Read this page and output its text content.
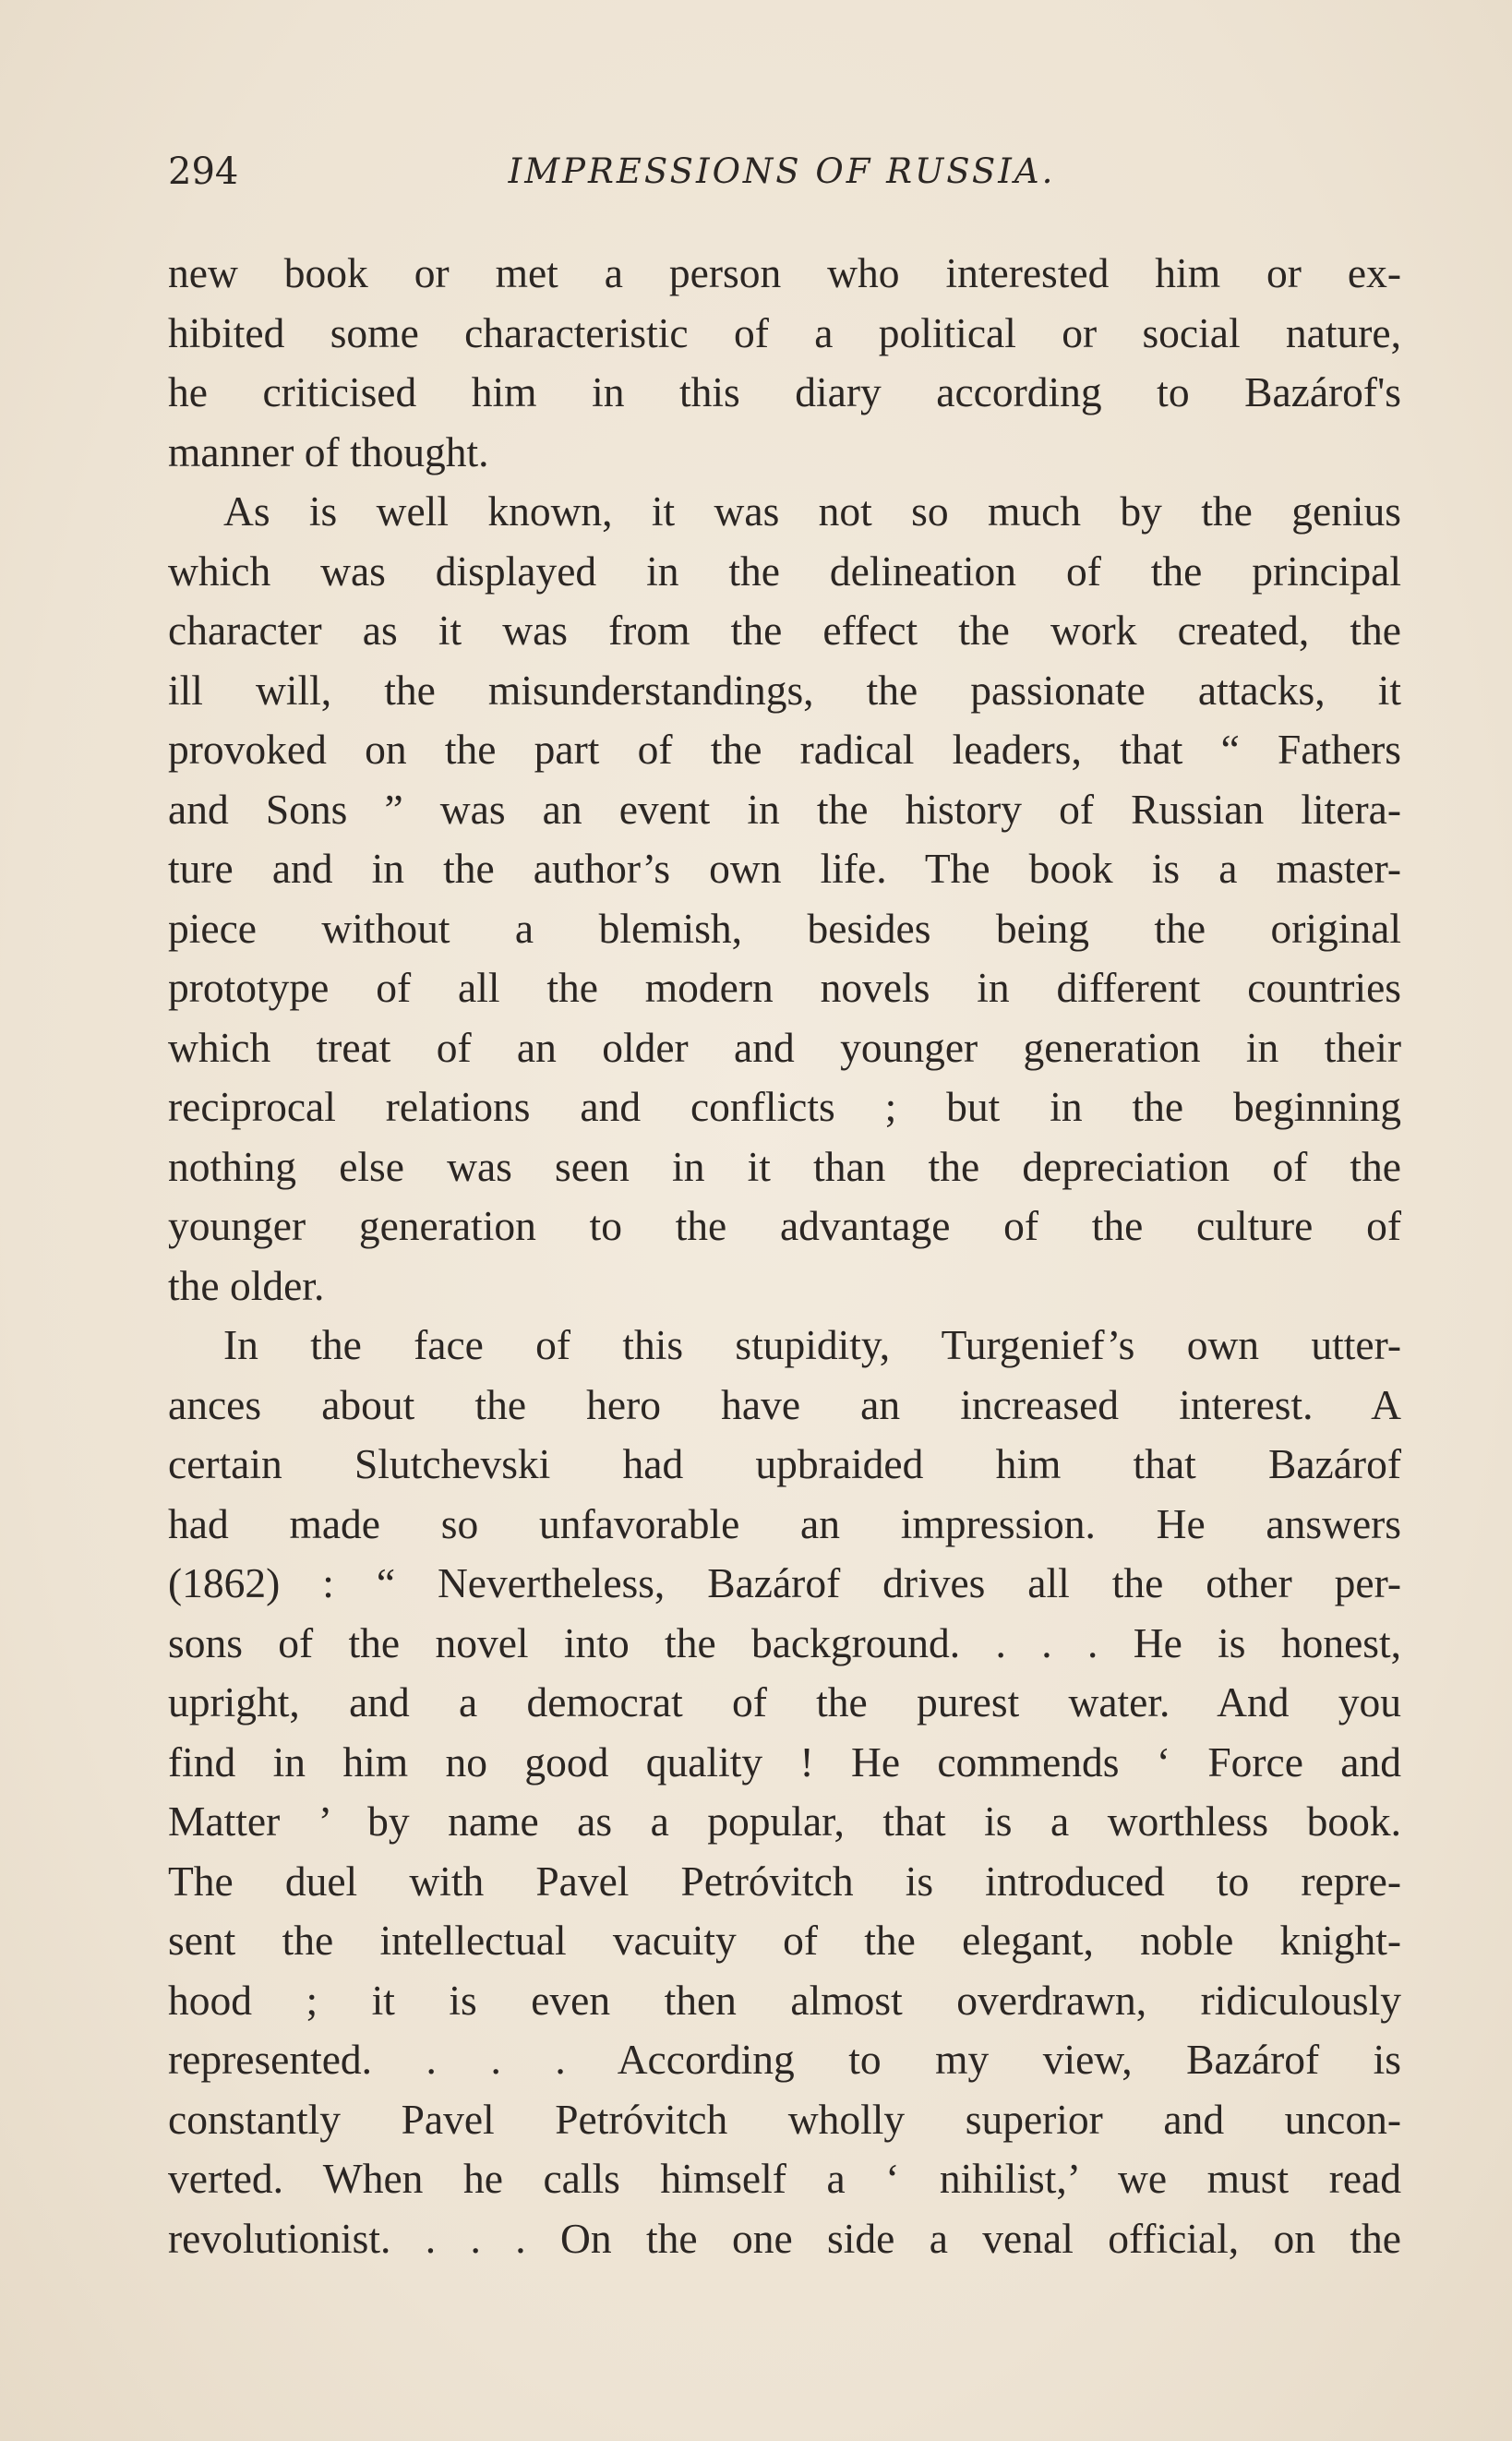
294	IMPRESSIONS OF RUSSIA.

new book or met a person who interested him or ex-

hibited some characteristic of a political or social nature,

he criticised him in this diary according to Bazárof's

manner of thought.

As is well known, it was not so much by the genius

which was displayed in the delineation of the principal

character as it was from the effect the work created, the

ill will, the misunderstandings, the passionate attacks, it

provoked on the part of the radical leaders, that “ Fathers

and Sons ” was an event in the history of Russian litera-

ture and in the author’s own life. The book is a master-

piece without a blemish, besides being the original

prototype of all the modern novels in different countries

which treat of an older and younger generation in their

reciprocal relations and conflicts ; but in the beginning

nothing else was seen in it than the depreciation of the

younger generation to the advantage of the culture of

the older.

In the face of this stupidity, Turgenief’s own utter-

ances about the hero have an increased interest. A

certain Slutchevski had upbraided him that Bazárof

had made so unfavorable an impression. He answers

(1862) : “ Nevertheless, Bazárof drives all the other per-

sons of the novel into the background. . . . He is honest,

upright, and a democrat of the purest water. And you

find in him no good quality ! He commends ‘ Force and

Matter ’ by name as a popular, that is a worthless book.

The duel with Pavel Petróvitch is introduced to repre-

sent the intellectual vacuity of the elegant, noble knight-

hood ; it is even then almost overdrawn, ridiculously

represented. . . . According to my view, Bazárof is

constantly Pavel Petróvitch wholly superior and uncon-

verted. When he calls himself a ‘ nihilist,’ we must read

revolutionist. . . . On the one side a venal official, on the
